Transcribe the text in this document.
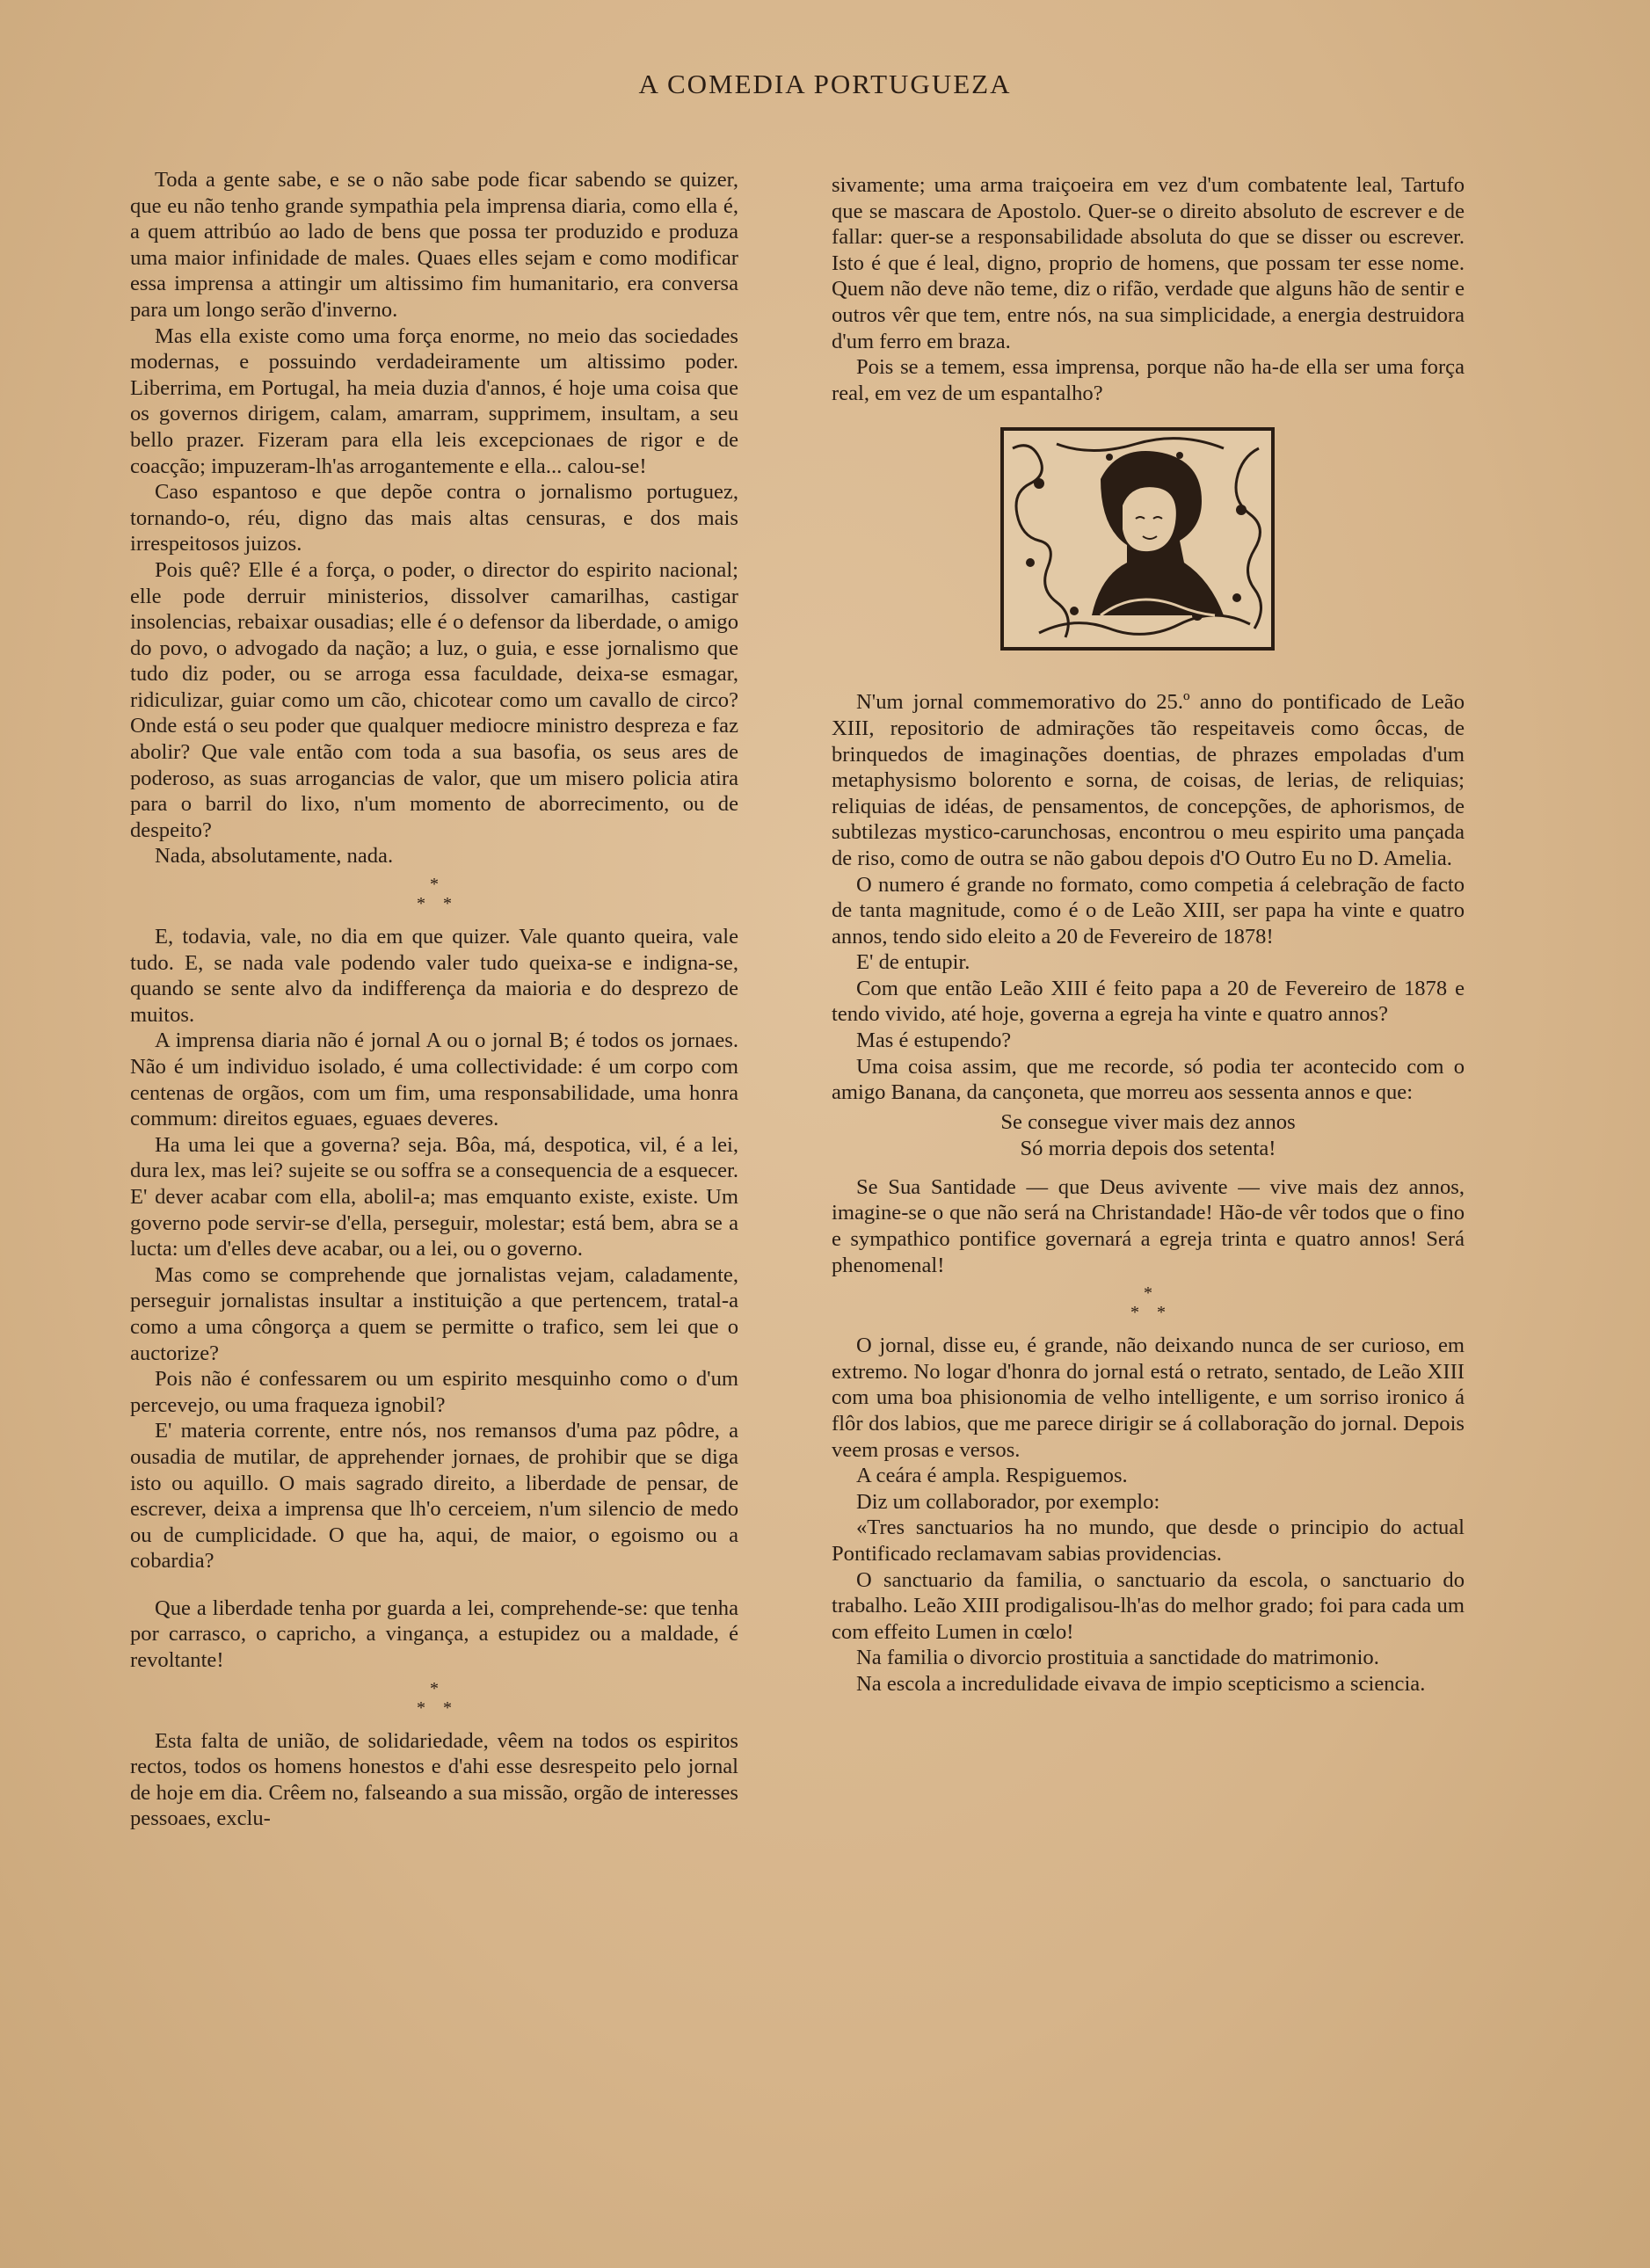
A COMEDIA PORTUGUEZA

Toda a gente sabe, e se o não sabe pode ficar sabendo se quizer, que eu não tenho grande sympathia pela imprensa diaria, como ella é, a quem attribúo ao lado de bens que possa ter produzido e produza uma maior infinidade de males. Quaes elles sejam e como modificar essa imprensa a attingir um altissimo fim humanitario, era conversa para um longo serão d'inverno.

Mas ella existe como uma força enorme, no meio das sociedades modernas, e possuindo verdadeiramente um altissimo poder. Liberrima, em Portugal, ha meia duzia d'annos, é hoje uma coisa que os governos dirigem, calam, amarram, supprimem, insultam, a seu bello prazer. Fizeram para ella leis excepcionaes de rigor e de coacção; impuzeram-lh'as arrogantemente e ella... calou-se!

Caso espantoso e que depõe contra o jornalismo portuguez, tornando-o, réu, digno das mais altas censuras, e dos mais irrespeitosos juizos.

Pois quê? Elle é a força, o poder, o director do espirito nacional; elle pode derruir ministerios, dissolver camarilhas, castigar insolencias, rebaixar ousadias; elle é o defensor da liberdade, o amigo do povo, o advogado da nação; a luz, o guia, e esse jornalismo que tudo diz poder, ou se arroga essa faculdade, deixa-se esmagar, ridiculizar, guiar como um cão, chicotear como um cavallo de circo? Onde está o seu poder que qualquer mediocre ministro despreza e faz abolir? Que vale então com toda a sua basofia, os seus ares de poderoso, as suas arrogancias de valor, que um misero policia atira para o barril do lixo, n'um momento de aborrecimento, ou de despeito?

Nada, absolutamente, nada.

*
*    *

E, todavia, vale, no dia em que quizer. Vale quanto queira, vale tudo. E, se nada vale podendo valer tudo queixa-se e indigna-se, quando se sente alvo da indifferença da maioria e do desprezo de muitos.

A imprensa diaria não é jornal A ou o jornal B; é todos os jornaes. Não é um individuo isolado, é uma collectividade: é um corpo com centenas de orgãos, com um fim, uma responsabilidade, uma honra commum: direitos eguaes, eguaes deveres.

Ha uma lei que a governa? seja. Bôa, má, despotica, vil, é a lei, dura lex, mas lei? sujeite se ou soffra se a consequencia de a esquecer. E' dever acabar com ella, abolil-a; mas emquanto existe, existe. Um governo pode servir-se d'ella, perseguir, molestar; está bem, abra se a lucta: um d'elles deve acabar, ou a lei, ou o governo.

Mas como se comprehende que jornalistas vejam, caladamente, perseguir jornalistas insultar a instituição a que pertencem, tratal-a como a uma côngorça a quem se permitte o trafico, sem lei que o auctorize?

Pois não é confessarem ou um espirito mesquinho como o d'um percevejo, ou uma fraqueza ignobil?

E' materia corrente, entre nós, nos remansos d'uma paz pôdre, a ousadia de mutilar, de apprehender jornaes, de prohibir que se diga isto ou aquillo. O mais sagrado direito, a liberdade de pensar, de escrever, deixa a imprensa que lh'o cerceiem, n'um silencio de medo ou de cumplicidade. O que ha, aqui, de maior, o egoismo ou a cobardia?

Que a liberdade tenha por guarda a lei, comprehende-se: que tenha por carrasco, o capricho, a vingança, a estupidez ou a maldade, é revoltante!

*
*    *

Esta falta de união, de solidariedade, vêem na todos os espiritos rectos, todos os homens honestos e d'ahi esse desrespeito pelo jornal de hoje em dia. Crêem no, falseando a sua missão, orgão de interesses pessoaes, exclu-

sivamente; uma arma traiçoeira em vez d'um combatente leal, Tartufo que se mascara de Apostolo. Quer-se o direito absoluto de escrever e de fallar: quer-se a responsabilidade absoluta do que se disser ou escrever. Isto é que é leal, digno, proprio de homens, que possam ter esse nome. Quem não deve não teme, diz o rifão, verdade que alguns hão de sentir e outros vêr que tem, entre nós, na sua simplicidade, a energia destruidora d'um ferro em braza.

Pois se a temem, essa imprensa, porque não ha-de ella ser uma força real, em vez de um espantalho?

N'um jornal commemorativo do 25.º anno do pontificado de Leão XIII, repositorio de admirações tão respeitaveis como ôccas, de brinquedos de imaginações doentias, de phrazes empoladas d'um metaphysismo bolorento e sorna, de coisas, de lerias, de reliquias; reliquias de idéas, de pensamentos, de concepções, de aphorismos, de subtilezas mystico-carunchosas, encontrou o meu espirito uma pançada de riso, como de outra se não gabou depois d'O Outro Eu no D. Amelia.

O numero é grande no formato, como competia á celebração de facto de tanta magnitude, como é o de Leão XIII, ser papa ha vinte e quatro annos, tendo sido eleito a 20 de Fevereiro de 1878!

E' de entupir.

Com que então Leão XIII é feito papa a 20 de Fevereiro de 1878 e tendo vivido, até hoje, governa a egreja ha vinte e quatro annos?

Mas é estupendo?

Uma coisa assim, que me recorde, só podia ter acontecido com o amigo Banana, da cançoneta, que morreu aos sessenta annos e que:

Se consegue viver mais dez annos
Só morria depois dos setenta!

Se Sua Santidade — que Deus avivente — vive mais dez annos, imagine-se o que não será na Christandade! Hão-de vêr todos que o fino e sympathico pontifice governará a egreja trinta e quatro annos! Será phenomenal!

*
*    *

O jornal, disse eu, é grande, não deixando nunca de ser curioso, em extremo. No logar d'honra do jornal está o retrato, sentado, de Leão XIII com uma boa phisionomia de velho intelligente, e um sorriso ironico á flôr dos labios, que me parece dirigir se á collaboração do jornal. Depois veem prosas e versos.

A ceára é ampla. Respiguemos.

Diz um collaborador, por exemplo:

«Tres sanctuarios ha no mundo, que desde o principio do actual Pontificado reclamavam sabias providencias.

O sanctuario da familia, o sanctuario da escola, o sanctuario do trabalho. Leão XIII prodigalisou-lh'as do melhor grado; foi para cada um com effeito Lumen in cœlo!

Na familia o divorcio prostituia a sanctidade do matrimonio.

Na escola a incredulidade eivava de impio scepticismo a sciencia.
